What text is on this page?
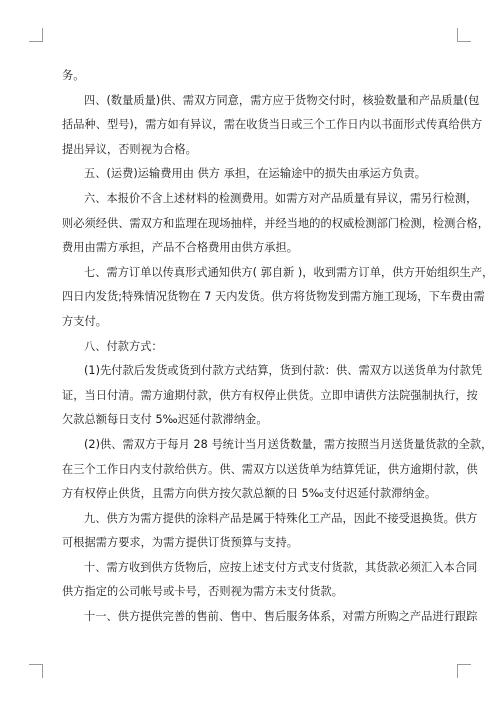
务。
四、(数量质量)供、需双方同意，需方应于货物交付时，核验数量和产品质量(包
括品种、型号)，需方如有异议，需在收货当日或三个工作日内以书面形式传真给供方
提出异议，否则视为合格。
五、(运费)运输费用由 供方 承担，在运输途中的损失由承运方负责。
六、本报价不含上述材料的检测费用。如需方对产品质量有异议，需另行检测，
则必须经供、需双方和监理在现场抽样，并经当地的的权威检测部门检测，检测合格，
费用由需方承担，产品不合格费用由供方承担。
七、需方订单以传真形式通知供方( 郭自新 )，收到需方订单，供方开始组织生产，
四日内发货;特殊情况货物在 7 天内发货。供方将货物发到需方施工现场，下车费由需
方支付。
八、付款方式：
(1)先付款后发货或货到付款方式结算，货到付款：供、需双方以送货单为付款凭
证，当日付清。需方逾期付款，供方有权停止供货。立即申请供方法院强制执行，按
欠款总额每日支付 5‰迟延付款滞纳金。
(2)供、需双方于每月 28 号统计当月送货数量，需方按照当月送货量货款的全款，
在三个工作日内支付款给供方。供、需双方以送货单为结算凭证，供方逾期付款，供
方有权停止供货，且需方向供方按欠款总额的日 5‰支付迟延付款滞纳金。
九、供方为需方提供的涂料产品是属于特殊化工产品，因此不接受退换货。供方
可根据需方要求，为需方提供订货预算与支持。
十、需方收到供方货物后，应按上述支付方式支付货款，其货款必须汇入本合同
供方指定的公司帐号或卡号，否则视为需方未支付货款。
十一、供方提供完善的售前、售中、售后服务体系，对需方所购之产品进行跟踪
